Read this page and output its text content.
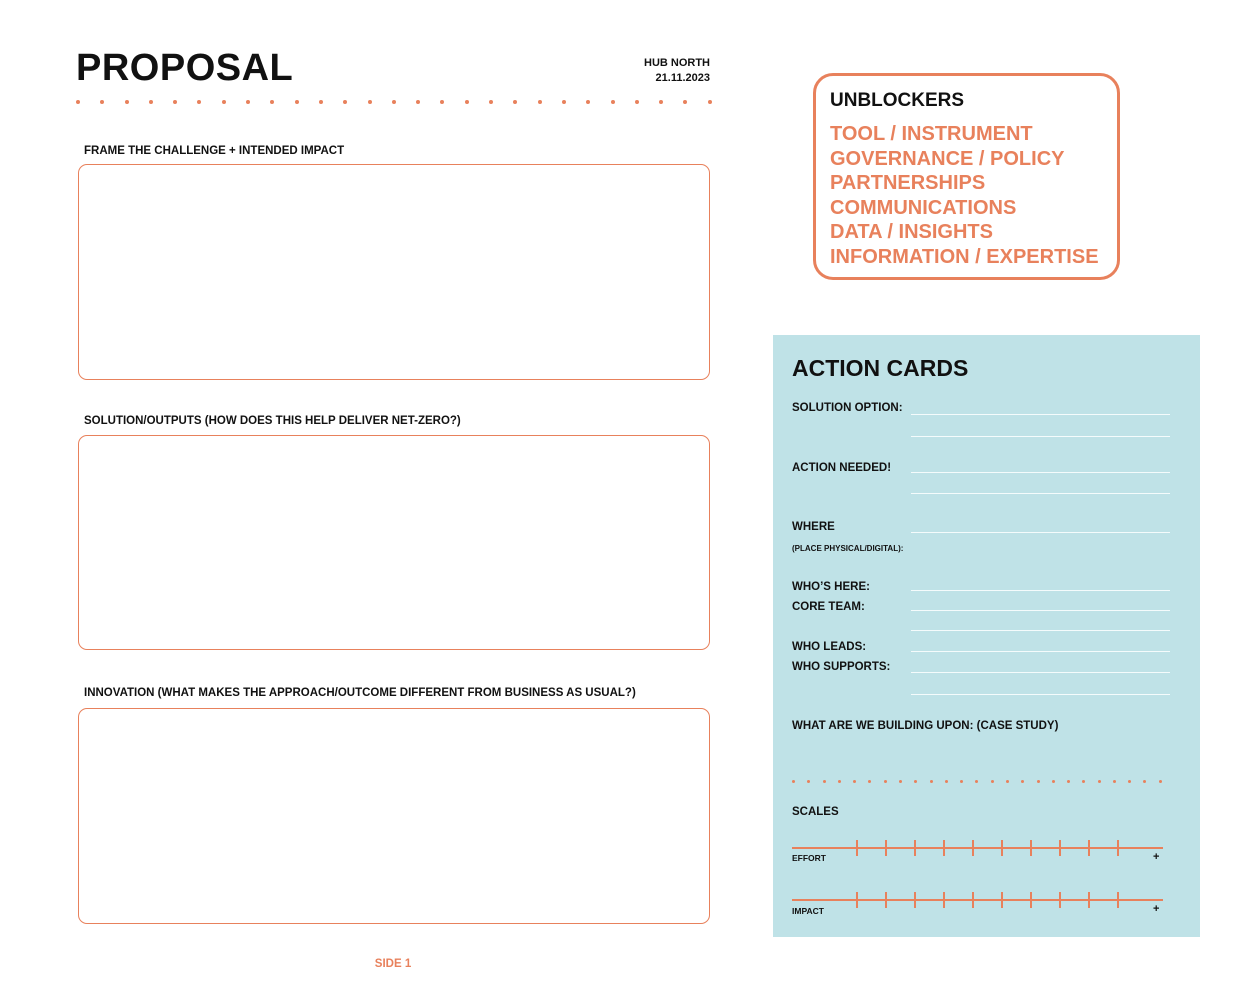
PROPOSAL	HUB NORTH
21.11.2023
FRAME THE CHALLENGE + INTENDED IMPACT
SOLUTION/OUTPUTS (HOW DOES THIS HELP DELIVER NET-ZERO?)
INNOVATION (WHAT MAKES THE APPROACH/OUTCOME DIFFERENT FROM BUSINESS AS USUAL?)
SIDE 1
UNBLOCKERS
TOOL / INSTRUMENT
GOVERNANCE / POLICY
PARTNERSHIPS
COMMUNICATIONS
DATA / INSIGHTS
INFORMATION / EXPERTISE
ACTION CARDS
SOLUTION OPTION:
ACTION NEEDED!
WHERE
(PLACE PHYSICAL/DIGITAL):
WHO’S HERE:
CORE TEAM:
WHO LEADS:
WHO SUPPORTS:
WHAT ARE WE BUILDING UPON: (CASE STUDY)
SCALES
EFFORT	+
IMPACT	+
